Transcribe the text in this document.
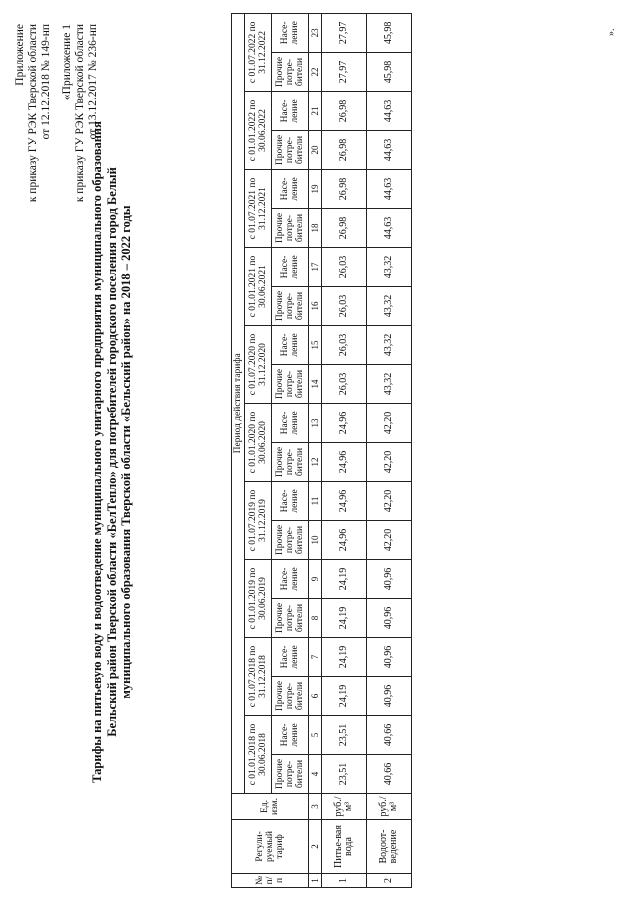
Приложение к приказу ГУ РЭК Тверской области от 12.12.2018 № 149-нп «Приложение 1 к приказу ГУ РЭК Тверской области от 13.12.2017 № 236-нп
Тарифы на питьевую воду и водоотведение муниципального унитарного предприятия муниципального образования Бельский район Тверской области «БелТепло» для потребителей городского поселения город Белый муниципального образования Тверской области «Бельский район» на 2018 – 2022 годы
№ п/ п	Регули-руемый тариф	Ед. изм.	Период действия тарифа																			
			с 01.01.2018 по 30.06.2018		с 01.07.2018 по 31.12.2018		с 01.01.2019 по 30.06.2019		с 01.07.2019 по 31.12.2019		с 01.01.2020 по 30.06.2020		с 01.07.2020 по 31.12.2020		с 01.01.2021 по 30.06.2021		с 01.07.2021 по 31.12.2021		с 01.01.2022 по 30.06.2022		с 01.07.2022 по 31.12.2022	
			Прочие потре-бители	Насе-ление	Прочие потре-бители	Насе-ление	Прочие потре-бители	Насе-ление	Прочие потре-бители	Насе-ление	Прочие потре-бители	Насе-ление	Прочие потре-бители	Насе-ление	Прочие потре-бители	Насе-ление	Прочие потре-бители	Насе-ление	Прочие потре-бители	Насе-ление	Прочие потре-бители	Насе-ление
1	2	3	4	5	6	7	8	9	10	11	12	13	14	15	16	17	18	19	20	21	22	23
1	Питье-вая вода	руб./м³	23,51	23,51	24,19	24,19	24,19	24,19	24,96	24,96	24,96	24,96	26,03	26,03	26,03	26,03	26,98	26,98	26,98	26,98	27,97	27,97
2	Водоот-ведение	руб./м³	40,66	40,66	40,96	40,96	40,96	40,96	42,20	42,20	42,20	42,20	43,32	43,32	43,32	43,32	44,63	44,63	44,63	44,63	45,98	45,98	».
